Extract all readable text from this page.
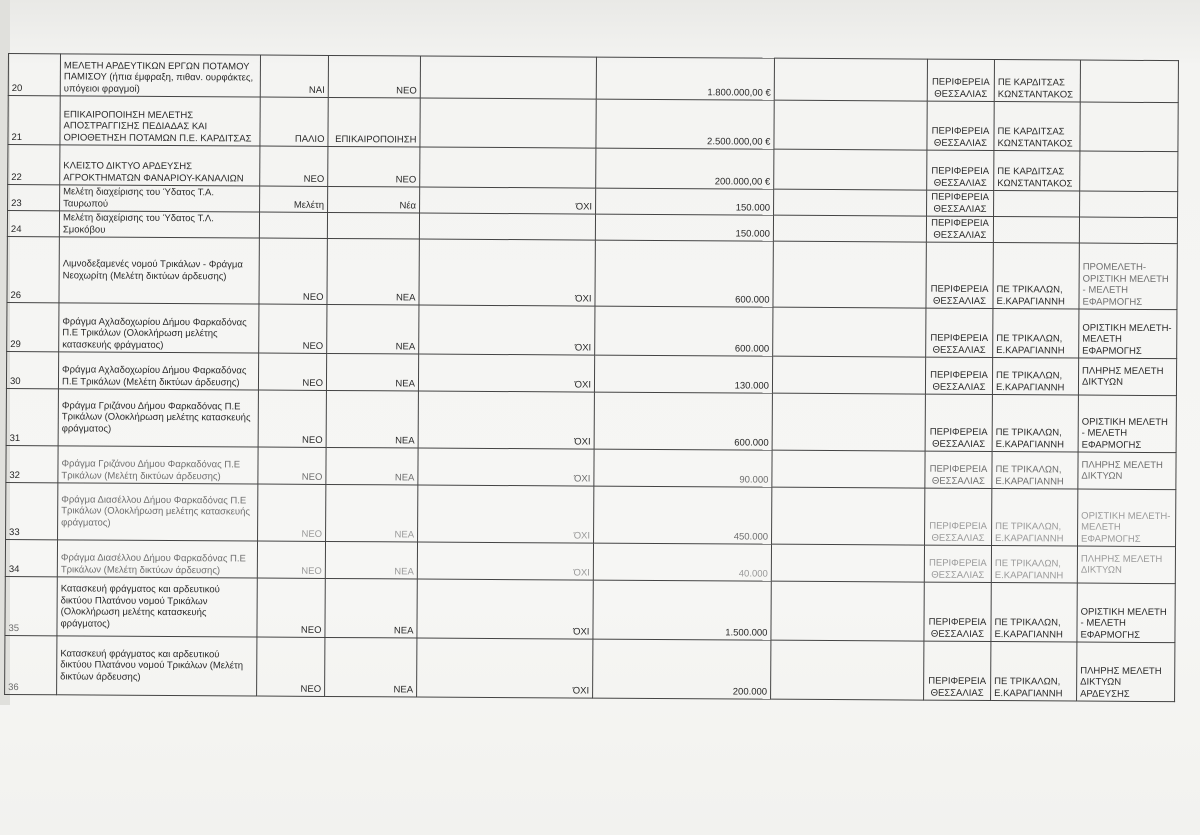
20	ΜΕΛΕΤΗ ΑΡΔΕΥΤΙΚΩΝ ΕΡΓΩΝ ΠΟΤΑΜΟΥ ΠΑΜΙΣΟΥ (ήπια έμφραξη, πιθαν. ουρφάκτες, υπόγειοι φραγμοί)	ΝΑΙ	ΝΕΟ		1.800.000,00 €		ΠΕΡΙΦΕΡΕΙΑ ΘΕΣΣΑΛΙΑΣ	ΠΕ ΚΑΡΔΙΤΣΑΣ ΚΩΝΣΤΑΝΤΑΚΟΣ	
21	ΕΠΙΚΑΙΡΟΠΟΙΗΣΗ ΜΕΛΕΤΗΣ ΑΠΟΣΤΡΑΓΓΙΣΗΣ ΠΕΔΙΑΔΑΣ ΚΑΙ ΟΡΙΟΘΕΤΗΣΗ ΠΟΤΑΜΩΝ Π.Ε. ΚΑΡΔΙΤΣΑΣ	ΠΑΛΙΟ	ΕΠΙΚΑΙΡΟΠΟΙΗΣΗ		2.500.000,00 €		ΠΕΡΙΦΕΡΕΙΑ ΘΕΣΣΑΛΙΑΣ	ΠΕ ΚΑΡΔΙΤΣΑΣ ΚΩΝΣΤΑΝΤΑΚΟΣ	
22	ΚΛΕΙΣΤΟ ΔΙΚΤΥΟ ΑΡΔΕΥΣΗΣ ΑΓΡΟΚΤΗΜΑΤΩΝ ΦΑΝΑΡΙΟΥ-ΚΑΝΑΛΙΩΝ	ΝΕΟ	ΝΕΟ		200.000,00 €		ΠΕΡΙΦΕΡΕΙΑ ΘΕΣΣΑΛΙΑΣ	ΠΕ ΚΑΡΔΙΤΣΑΣ ΚΩΝΣΤΑΝΤΑΚΟΣ	
23	Μελέτη διαχείρισης του Ύδατος Τ.Α. Ταυρωπού	Μελέτη	Νέα	ΌΧΙ	150.000		ΠΕΡΙΦΕΡΕΙΑ ΘΕΣΣΑΛΙΑΣ		
24	Μελέτη διαχείρισης του Ύδατος Τ.Λ. Σμοκόβου				150.000		ΠΕΡΙΦΕΡΕΙΑ ΘΕΣΣΑΛΙΑΣ		
26	Λιμνοδεξαμενές νομού Τρικάλων - Φράγμα Νεοχωρίτη (Μελέτη δικτύων άρδευσης)	ΝΕΟ	ΝΕΑ	ΌΧΙ	600.000		ΠΕΡΙΦΕΡΕΙΑ ΘΕΣΣΑΛΙΑΣ	ΠΕ ΤΡΙΚΑΛΩΝ, Ε.ΚΑΡΑΓΙΑΝΝΗ	ΠΡΟΜΕΛΕΤΗ- ΟΡΙΣΤΙΚΗ ΜΕΛΕΤΗ - ΜΕΛΕΤΗ ΕΦΑΡΜΟΓΗΣ
29	Φράγμα Αχλαδοχωρίου Δήμου Φαρκαδόνας Π.Ε Τρικάλων (Ολοκλήρωση μελέτης κατασκευής φράγματος)	ΝΕΟ	ΝΕΑ	ΌΧΙ	600.000		ΠΕΡΙΦΕΡΕΙΑ ΘΕΣΣΑΛΙΑΣ	ΠΕ ΤΡΙΚΑΛΩΝ, Ε.ΚΑΡΑΓΙΑΝΝΗ	ΟΡΙΣΤΙΚΗ ΜΕΛΕΤΗ- ΜΕΛΕΤΗ ΕΦΑΡΜΟΓΗΣ
30	Φράγμα Αχλαδοχωρίου Δήμου Φαρκαδόνας Π.Ε Τρικάλων (Μελέτη δικτύων άρδευσης)	ΝΕΟ	ΝΕΑ	ΌΧΙ	130.000		ΠΕΡΙΦΕΡΕΙΑ ΘΕΣΣΑΛΙΑΣ	ΠΕ ΤΡΙΚΑΛΩΝ, Ε.ΚΑΡΑΓΙΑΝΝΗ	ΠΛΗΡΗΣ ΜΕΛΕΤΗ ΔΙΚΤΥΩΝ
31	Φράγμα Γριζάνου Δήμου Φαρκαδόνας Π.Ε Τρικάλων (Ολοκλήρωση μελέτης κατασκευής φράγματος)	ΝΕΟ	ΝΕΑ	ΌΧΙ	600.000		ΠΕΡΙΦΕΡΕΙΑ ΘΕΣΣΑΛΙΑΣ	ΠΕ ΤΡΙΚΑΛΩΝ, Ε.ΚΑΡΑΓΙΑΝΝΗ	ΟΡΙΣΤΙΚΗ ΜΕΛΕΤΗ - ΜΕΛΕΤΗ ΕΦΑΡΜΟΓΗΣ
32	Φράγμα Γριζάνου Δήμου Φαρκαδόνας Π.Ε Τρικάλων (Μελέτη δικτύων άρδευσης)	ΝΕΟ	ΝΕΑ	ΌΧΙ	90.000		ΠΕΡΙΦΕΡΕΙΑ ΘΕΣΣΑΛΙΑΣ	ΠΕ ΤΡΙΚΑΛΩΝ, Ε.ΚΑΡΑΓΙΑΝΝΗ	ΠΛΗΡΗΣ ΜΕΛΕΤΗ ΔΙΚΤΥΩΝ
33	Φράγμα Διασέλλου Δήμου Φαρκαδόνας Π.Ε Τρικάλων (Ολοκλήρωση μελέτης κατασκευής φράγματος)	ΝΕΟ	ΝΕΑ	ΌΧΙ	450.000		ΠΕΡΙΦΕΡΕΙΑ ΘΕΣΣΑΛΙΑΣ	ΠΕ ΤΡΙΚΑΛΩΝ, Ε.ΚΑΡΑΓΙΑΝΝΗ	ΟΡΙΣΤΙΚΗ ΜΕΛΕΤΗ-ΜΕΛΕΤΗ ΕΦΑΡΜΟΓΗΣ
34	Φράγμα Διασέλλου Δήμου Φαρκαδόνας Π.Ε Τρικάλων (Μελέτη δικτύων άρδευσης)	ΝΕΟ	ΝΕΑ	ΌΧΙ	40.000		ΠΕΡΙΦΕΡΕΙΑ ΘΕΣΣΑΛΙΑΣ	ΠΕ ΤΡΙΚΑΛΩΝ, Ε.ΚΑΡΑΓΙΑΝΝΗ	ΠΛΗΡΗΣ ΜΕΛΕΤΗ ΔΙΚΤΥΩΝ
35	Κατασκευή φράγματος και αρδευτικού δικτύου Πλατάνου νομού Τρικάλων (Ολοκλήρωση μελέτης κατασκευής φράγματος)	ΝΕΟ	ΝΕΑ	ΌΧΙ	1.500.000		ΠΕΡΙΦΕΡΕΙΑ ΘΕΣΣΑΛΙΑΣ	ΠΕ ΤΡΙΚΑΛΩΝ, Ε.ΚΑΡΑΓΙΑΝΝΗ	ΟΡΙΣΤΙΚΗ ΜΕΛΕΤΗ - ΜΕΛΕΤΗ ΕΦΑΡΜΟΓΗΣ
36	Κατασκευή φράγματος και αρδευτικού δικτύου Πλατάνου νομού Τρικάλων (Μελέτη δικτύων άρδευσης)	ΝΕΟ	ΝΕΑ	ΌΧΙ	200.000		ΠΕΡΙΦΕΡΕΙΑ ΘΕΣΣΑΛΙΑΣ	ΠΕ ΤΡΙΚΑΛΩΝ, Ε.ΚΑΡΑΓΙΑΝΝΗ	ΠΛΗΡΗΣ ΜΕΛΕΤΗ ΔΙΚΤΥΩΝ ΑΡΔΕΥΣΗΣ
